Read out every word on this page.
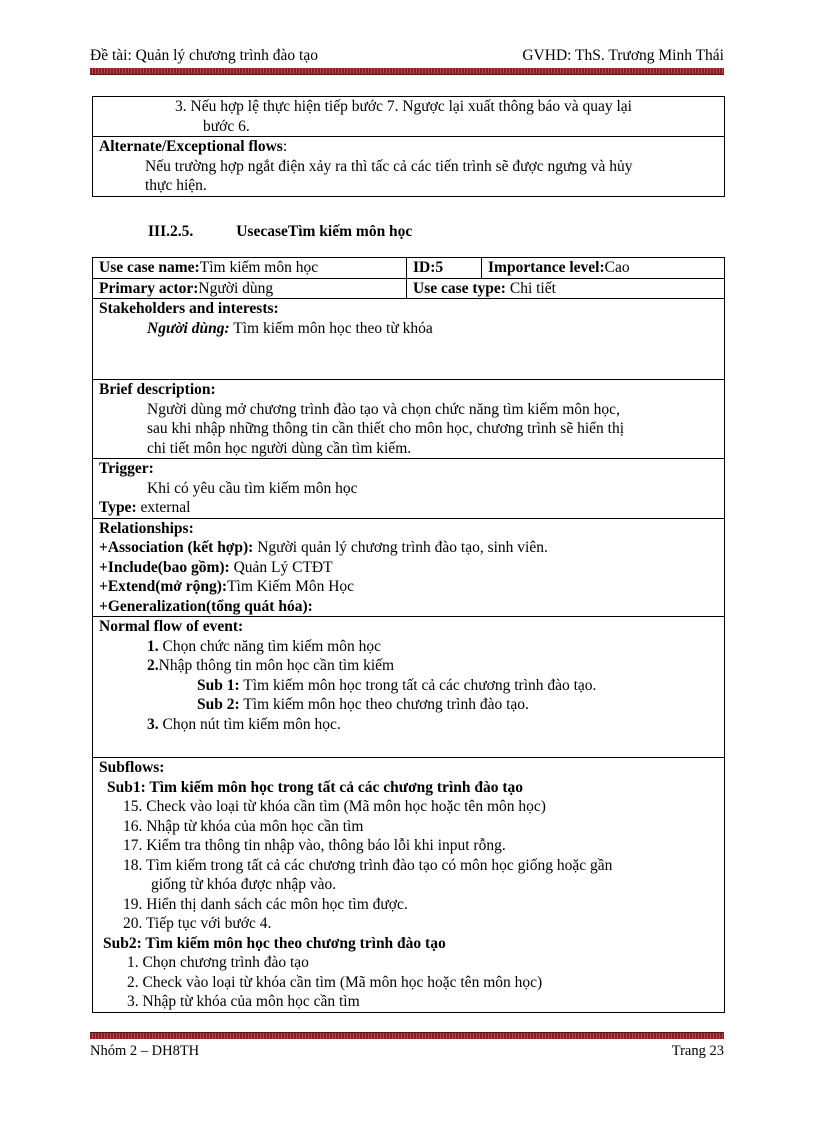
Đề tài: Quản lý chương trình đào tạo	GVHD: ThS. Trương Minh Thái
3. Nếu hợp lệ thực hiện tiếp bước 7. Ngược lại xuất thông báo và quay lại
bước 6.
Alternate/Exceptional flows:
Nếu trường hợp ngắt điện xảy ra thì tấc cả các tiến trình sẽ được ngưng và hủy
thực hiện.
III.2.5.	UsecaseTìm kiếm môn học
Use case name:Tìm kiếm môn học	ID:5	Importance level:Cao
Primary actor:Người dùng	Use case type: Chi tiết
Stakeholders and interests:
Người dùng: Tìm kiếm môn học theo từ khóa
Brief description:
Người dùng mở chương trình đào tạo và chọn chức năng tìm kiếm môn học,
sau khi nhập những thông tin cần thiết cho môn học, chương trình sẽ hiển thị
chi tiết môn học người dùng cần tìm kiếm.
Trigger:
Khi có yêu cầu tìm kiếm môn học
Type: external
Relationships:
+Association (kết hợp): Người quản lý chương trình đào tạo, sinh viên.
+Include(bao gồm): Quản Lý CTĐT
+Extend(mở rộng):Tìm Kiếm Môn Học
+Generalization(tổng quát hóa):
Normal flow of event:
1. Chọn chức năng tìm kiếm môn học
2.Nhập thông tin môn học cần tìm kiếm
Sub 1: Tìm kiếm môn học trong tất cả các chương trình đào tạo.
Sub 2: Tìm kiếm môn học theo chương trình đào tạo.
3. Chọn nút tìm kiếm môn học.
Subflows:
Sub1: Tìm kiếm môn học trong tất cả các chương trình đào tạo
15. Check vào loại từ khóa cần tìm (Mã môn học hoặc tên môn học)
16. Nhập từ khóa của môn học cần tìm
17. Kiểm tra thông tin nhập vào, thông báo lỗi khi input rỗng.
18. Tìm kiếm trong tất cả các chương trình đào tạo có môn học giống hoặc gần
giống từ khóa được nhập vào.
19. Hiển thị danh sách các môn học tìm được.
20. Tiếp tục với bước 4.
Sub2: Tìm kiếm môn học theo chương trình đào tạo
1. Chọn chương trình đào tạo
2. Check vào loại từ khóa cần tìm (Mã môn học hoặc tên môn học)
3. Nhập từ khóa của môn học cần tìm
Nhóm 2 – DH8TH	Trang 23
